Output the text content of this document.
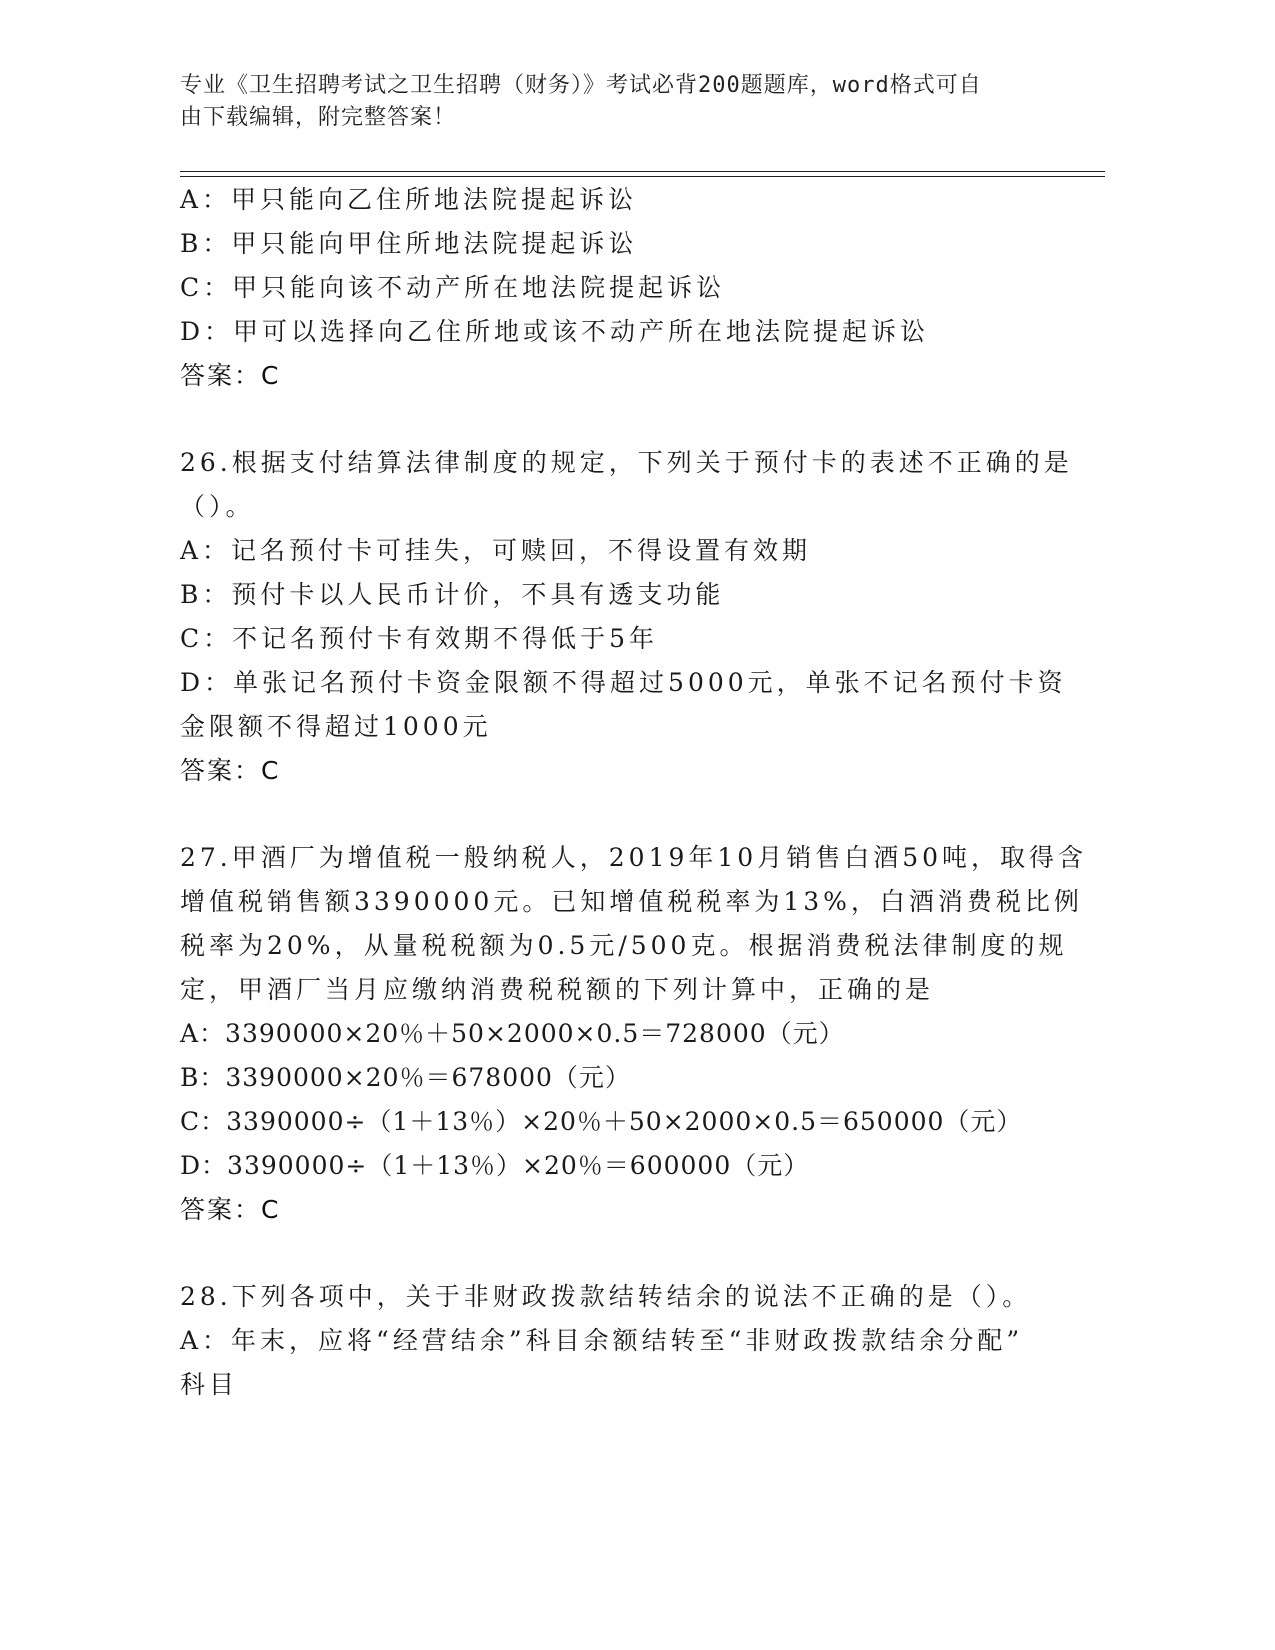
专业《卫生招聘考试之卫生招聘（财务）》考试必背200题题库，word格式可自
由下载编辑，附完整答案！
A：甲只能向乙住所地法院提起诉讼
B：甲只能向甲住所地法院提起诉讼
C：甲只能向该不动产所在地法院提起诉讼
D：甲可以选择向乙住所地或该不动产所在地法院提起诉讼
答案：C
26.根据支付结算法律制度的规定，下列关于预付卡的表述不正确的是
（）。
A：记名预付卡可挂失，可赎回，不得设置有效期
B：预付卡以人民币计价，不具有透支功能
C：不记名预付卡有效期不得低于5年
D：单张记名预付卡资金限额不得超过5000元，单张不记名预付卡资
金限额不得超过1000元
答案：C
27.甲酒厂为增值税一般纳税人，2019年10月销售白酒50吨，取得含
增值税销售额3390000元。已知增值税税率为13%，白酒消费税比例
税率为20%，从量税税额为0.5元/500克。根据消费税法律制度的规
定，甲酒厂当月应缴纳消费税税额的下列计算中，正确的是
A：3390000×20％＋50×2000×0.5＝728000（元）
B：3390000×20％＝678000（元）
C：3390000÷（1＋13％）×20％＋50×2000×0.5＝650000（元）
D：3390000÷（1＋13％）×20％＝600000（元）
答案：C
28.下列各项中，关于非财政拨款结转结余的说法不正确的是（）。
A：年末，应将“经营结余”科目余额结转至“非财政拨款结余分配”
科目
